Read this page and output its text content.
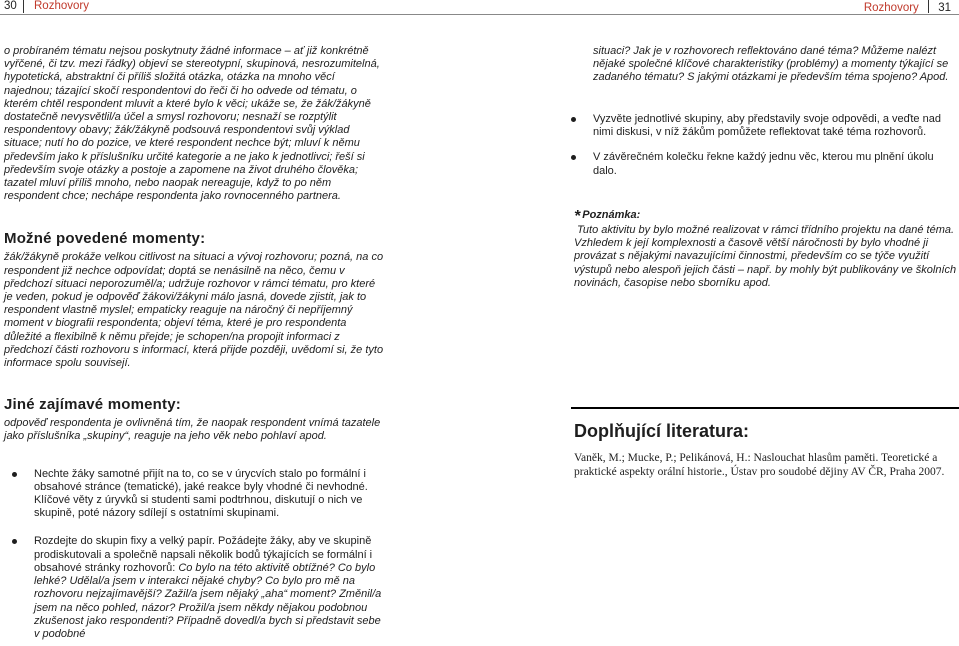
30 Rozhovory	Rozhovory 31

o probíraném tématu nejsou poskytnuty žádné informace – ať již konkrétně vyřčené, či tzv. mezi řádky) objeví se stereotypní, skupinová, nesrozumitelná, hypotetická, abstraktní či příliš složitá otázka, otázka na mnoho věcí najednou; tázající skočí respondentovi do řeči či ho odvede od tématu, o kterém chtěl respondent mluvit a které bylo k věci; ukáže se, že žák/žákyně dostatečně nevysvětlil/a účel a smysl rozhovoru; nesnaží se rozptýlit respondentovy obavy; žák/žákyně podsouvá respondentovi svůj výklad situace; nutí ho do pozice, ve které respondent nechce být; mluví k němu především jako k příslušníku určité kategorie a ne jako k jednotlivci; řeší si především svoje otázky a postoje a zapomene na život druhého člověka; tazatel mluví příliš mnoho, nebo naopak nereaguje, když to po něm respondent chce; nechápe respondenta jako rovnocenného partnera.

Možné povedené momenty:

žák/žákyně prokáže velkou citlivost na situaci a vývoj rozhovoru; pozná, na co respondent již nechce odpovídat; doptá se nenásilně na něco, čemu v předchozí situaci neporozuměl/a; udržuje rozhovor v rámci tématu, pro které je veden, pokud je odpověď žákovi/žákyni málo jasná, dovede zjistit, jak to respondent vlastně myslel; empaticky reaguje na náročný či nepříjemný moment v biografii respondenta; objeví téma, které je pro respondenta důležité a flexibilně k němu přejde; je schopen/na propojit informaci z předchozí části rozhovoru s informací, která přijde později, uvědomí si, že tyto informace spolu souvisejí.

Jiné zajímavé momenty:

odpověď respondenta je ovlivněná tím, že naopak respondent vnímá tazatele jako příslušníka „skupiny“, reaguje na jeho věk nebo pohlaví apod.

Nechte žáky samotné přijít na to, co se v úrycvích stalo po formální i obsahové stránce (tematické), jaké reakce byly vhodné či nevhodné. Klíčové věty z úryvků si studenti sami podtrhnou, diskutují o nich ve skupině, poté názory sdílejí s ostatními skupinami.
Rozdejte do skupin fixy a velký papír. Požádejte žáky, aby ve skupině prodiskutovali a společně napsali několik bodů týkajících se formální i obsahové stránky rozhovorů: Co bylo na této aktivitě obtížné? Co bylo lehké? Udělal/a jsem v interakci nějaké chyby? Co bylo pro mě na rozhovoru nejzajímavější? Zažil/a jsem nějaký „aha“ moment? Změnil/a jsem na něco pohled, názor? Prožil/a jsem někdy nějakou podobnou zkušenost jako respondenti? Případně dovedl/a bych si představit sebe v podobné

situaci? Jak je v rozhovorech reflektováno dané téma? Můžeme nalézt nějaké společné klíčové charakteristiky (problémy) a momenty týkající se zadaného tématu? S jakými otázkami je především téma spojeno? Apod.

Vyzvěte jednotlivé skupiny, aby představily svoje odpovědi, a veďte nad nimi diskusi, v níž žákům pomůžete reflektovat také téma rozhovorů.
V závěrečném kolečku řekne každý jednu věc, kterou mu plnění úkolu dalo.
* Poznámka:

Tuto aktivitu by bylo možné realizovat v rámci třídního projektu na dané téma. Vzhledem k její komplexnosti a časově větší náročnosti by bylo vhodné ji provázat s nějakými navazujícími činnostmi, především co se týče využití výstupů nebo alespoň jejich části – např. by mohly být publikovány ve školních novinách, časopise nebo sborníku apod.

Doplňující literatura:

Vaněk, M.; Mucke, P.; Pelikánová, H.: Naslouchat hlasům paměti. Teoretické a praktické aspekty orální historie., Ústav pro soudobé dějiny AV ČR, Praha 2007.
